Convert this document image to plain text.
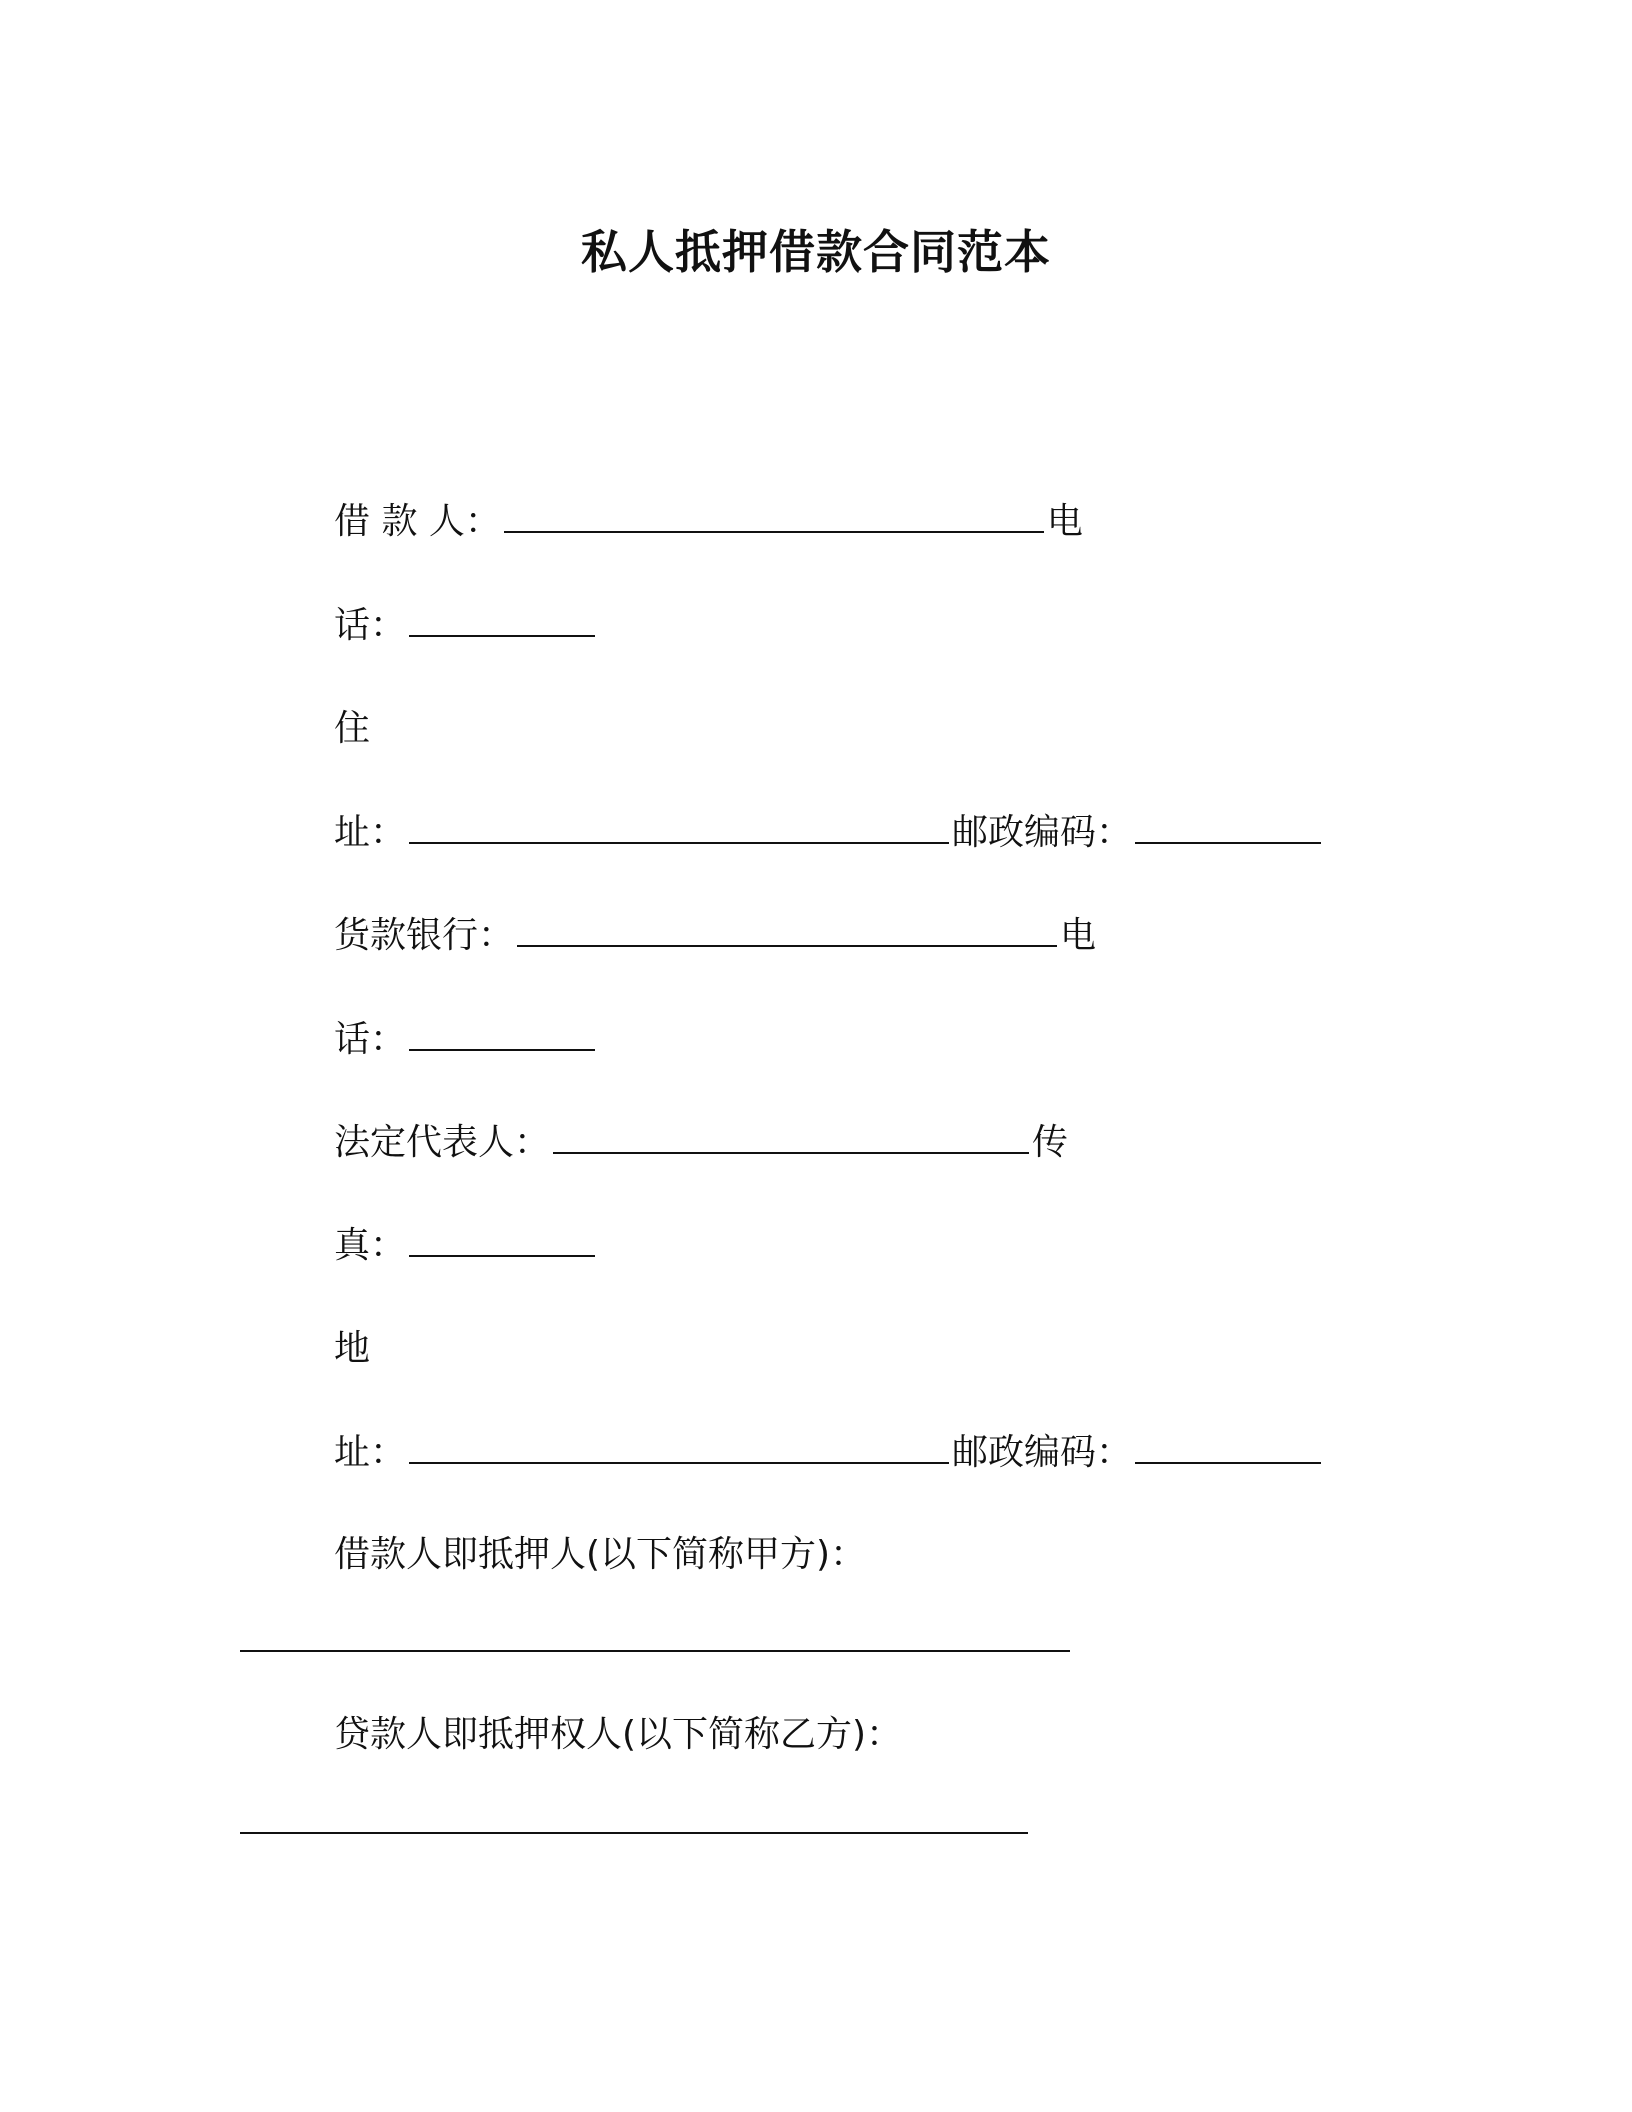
私人抵押借款合同范本
借 款 人：	电
话：
住
址：	邮政编码：
货款银行：	电
话：
法定代表人：	传
真：
地
址：	邮政编码：
借款人即抵押人(以下简称甲方)：
贷款人即抵押权人(以下简称乙方)：
